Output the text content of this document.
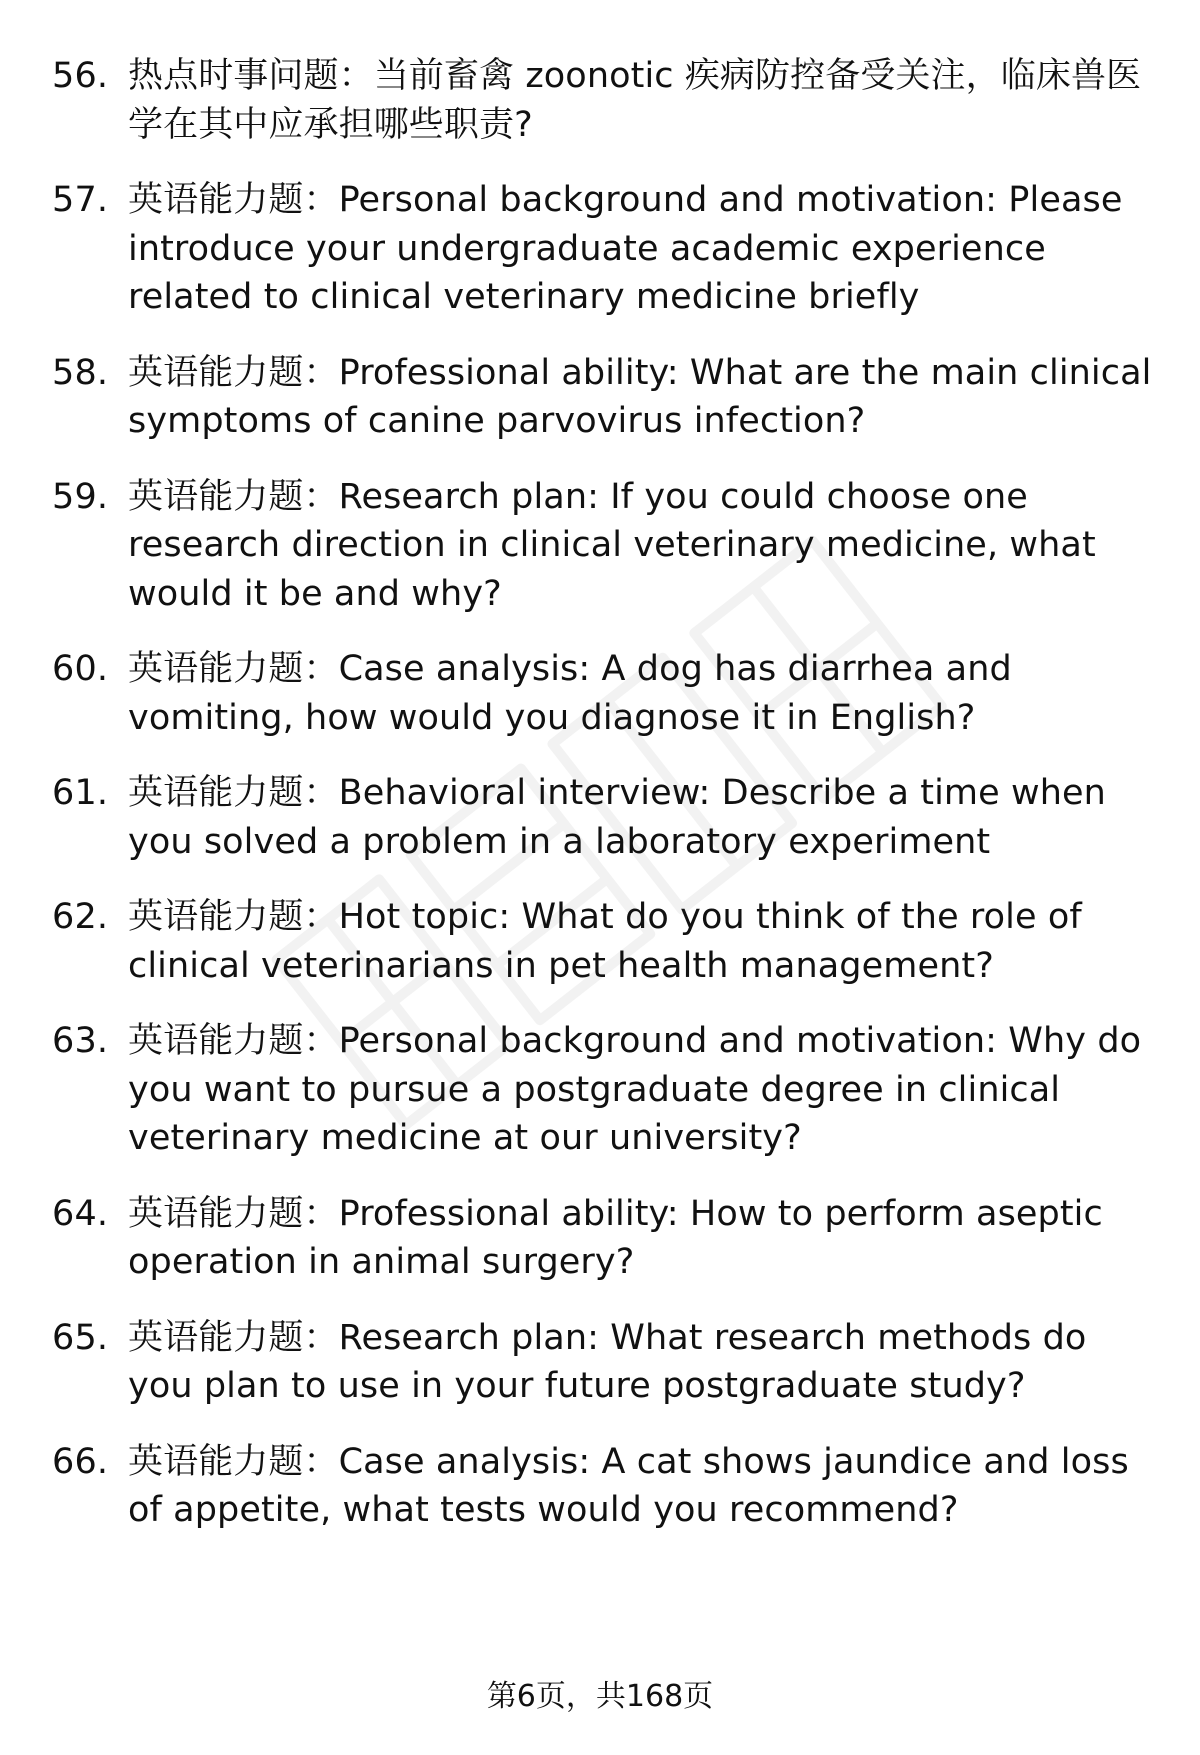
56. 热点时事问题：当前畜禽 zoonotic 疾病防控备受关注，临床兽医学在其中应承担哪些职责?
57. 英语能力题：Personal background and motivation: Please introduce your undergraduate academic experience related to clinical veterinary medicine briefly
58. 英语能力题：Professional ability: What are the main clinical symptoms of canine parvovirus infection?
59. 英语能力题：Research plan: If you could choose one research direction in clinical veterinary medicine, what would it be and why?
60. 英语能力题：Case analysis: A dog has diarrhea and vomiting, how would you diagnose it in English?
61. 英语能力题：Behavioral interview: Describe a time when you solved a problem in a laboratory experiment
62. 英语能力题：Hot topic: What do you think of the role of clinical veterinarians in pet health management?
63. 英语能力题：Personal background and motivation: Why do you want to pursue a postgraduate degree in clinical veterinary medicine at our university?
64. 英语能力题：Professional ability: How to perform aseptic operation in animal surgery?
65. 英语能力题：Research plan: What research methods do you plan to use in your future postgraduate study?
66. 英语能力题：Case analysis: A cat shows jaundice and loss of appetite, what tests would you recommend?
第6页，共168页
